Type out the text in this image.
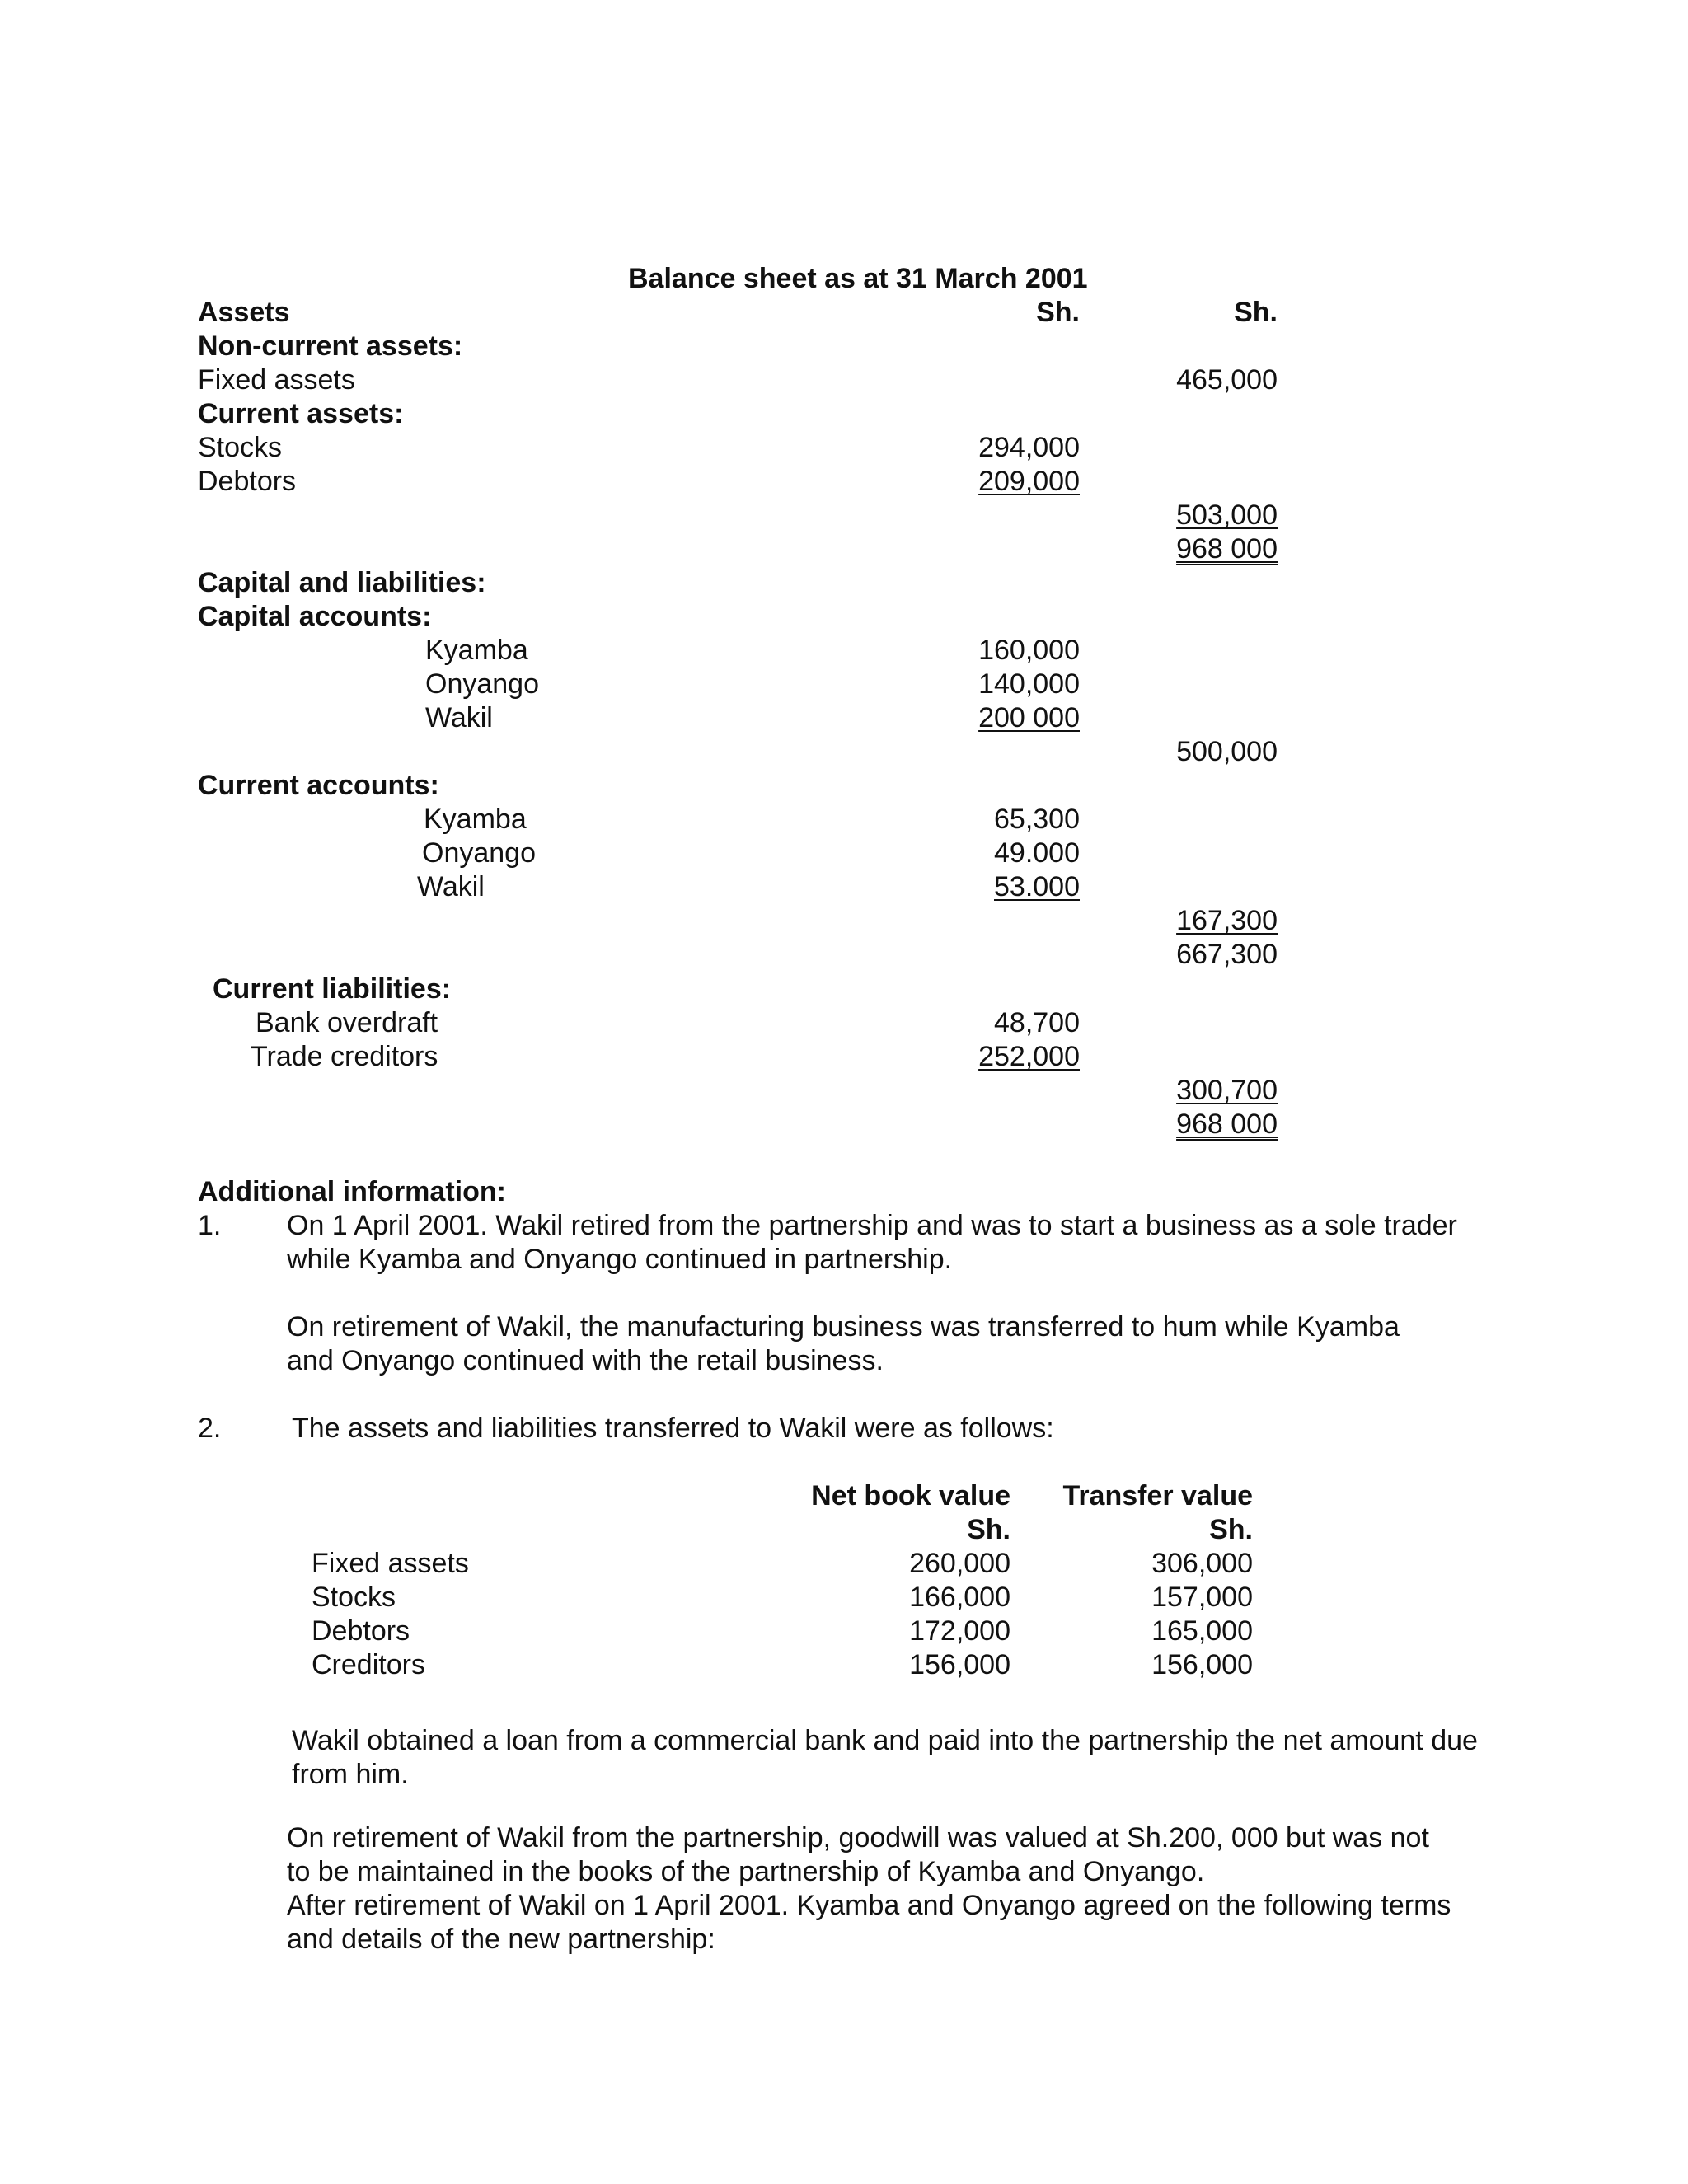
Balance sheet as at 31 March 2001
Assets	Sh.	Sh.
Non-current assets:
Fixed assets	465,000
Current assets:
Stocks	294,000
Debtors	209,000
503,000
968 000
Capital and liabilities:
Capital accounts:
Kyamba	160,000
Onyango	140,000
Wakil	200 000
500,000
Current accounts:
Kyamba	65,300
Onyango	49.000
Wakil	53.000
167,300
667,300
Current liabilities:
Bank overdraft	48,700
Trade creditors	252,000
300,700
968 000
Additional information:
1. On 1 April 2001. Wakil retired from the partnership and was to start a business as a sole trader while Kyamba and Onyango continued in partnership.
On retirement of Wakil, the manufacturing business was transferred to hum while Kyamba and Onyango continued with the retail business.
2.	The assets and liabilities transferred to Wakil were as follows:
Net book value	Transfer value
Sh.	Sh.
Fixed assets	260,000	306,000
Stocks	166,000	157,000
Debtors	172,000	165,000
Creditors	156,000	156,000
Wakil obtained a loan from a commercial bank and paid into the partnership the net amount due from him.
On retirement of Wakil from the partnership, goodwill was valued at Sh.200, 000 but was not to be maintained in the books of the partnership of Kyamba and Onyango.
After retirement of Wakil on 1 April 2001. Kyamba and Onyango agreed on the following terms and details of the new partnership:
